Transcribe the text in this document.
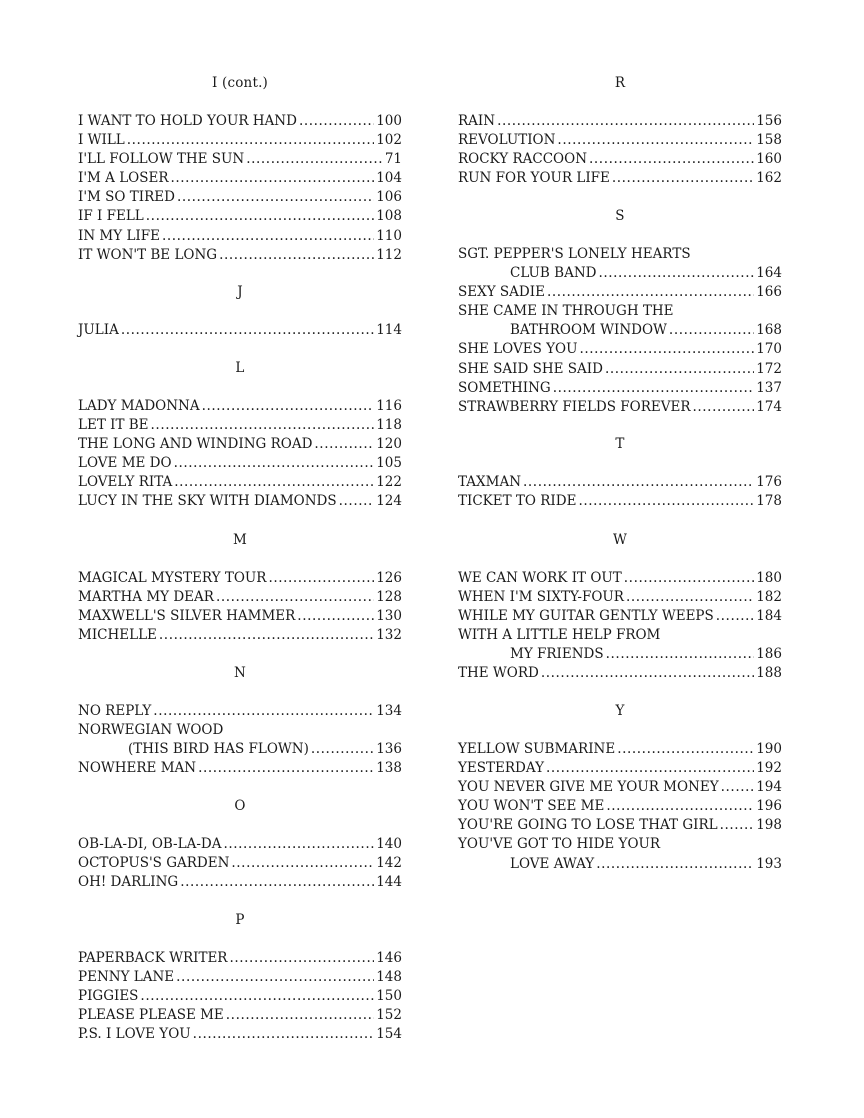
I (cont.)
I WANT TO HOLD YOUR HAND .....	100
I WILL .....	102
I'LL FOLLOW THE SUN .....	71
I'M A LOSER .....	104
I'M SO TIRED .....	106
IF I FELL .....	108
IN MY LIFE .....	110
IT WON'T BE LONG .....	112
J
JULIA .....	114
L
LADY MADONNA .....	116
LET IT BE .....	118
THE LONG AND WINDING ROAD .....	120
LOVE ME DO .....	105
LOVELY RITA .....	122
LUCY IN THE SKY WITH DIAMONDS .....	124
M
MAGICAL MYSTERY TOUR .....	126
MARTHA MY DEAR .....	128
MAXWELL'S SILVER HAMMER .....	130
MICHELLE .....	132
N
NO REPLY .....	134
NORWEGIAN WOOD
(THIS BIRD HAS FLOWN) .....	136
NOWHERE MAN .....	138
O
OB-LA-DI, OB-LA-DA .....	140
OCTOPUS'S GARDEN .....	142
OH! DARLING .....	144
P
PAPERBACK WRITER .....	146
PENNY LANE .....	148
PIGGIES .....	150
PLEASE PLEASE ME .....	152
P.S. I LOVE YOU .....	154
R
RAIN .....	156
REVOLUTION .....	158
ROCKY RACCOON .....	160
RUN FOR YOUR LIFE .....	162
S
SGT. PEPPER'S LONELY HEARTS
CLUB BAND .....	164
SEXY SADIE .....	166
SHE CAME IN THROUGH THE
BATHROOM WINDOW .....	168
SHE LOVES YOU .....	170
SHE SAID SHE SAID .....	172
SOMETHING .....	137
STRAWBERRY FIELDS FOREVER .....	174
T
TAXMAN .....	176
TICKET TO RIDE .....	178
W
WE CAN WORK IT OUT .....	180
WHEN I'M SIXTY-FOUR .....	182
WHILE MY GUITAR GENTLY WEEPS .....	184
WITH A LITTLE HELP FROM
MY FRIENDS .....	186
THE WORD .....	188
Y
YELLOW SUBMARINE .....	190
YESTERDAY .....	192
YOU NEVER GIVE ME YOUR MONEY .....	194
YOU WON'T SEE ME .....	196
YOU'RE GOING TO LOSE THAT GIRL .....	198
YOU'VE GOT TO HIDE YOUR
LOVE AWAY .....	193
